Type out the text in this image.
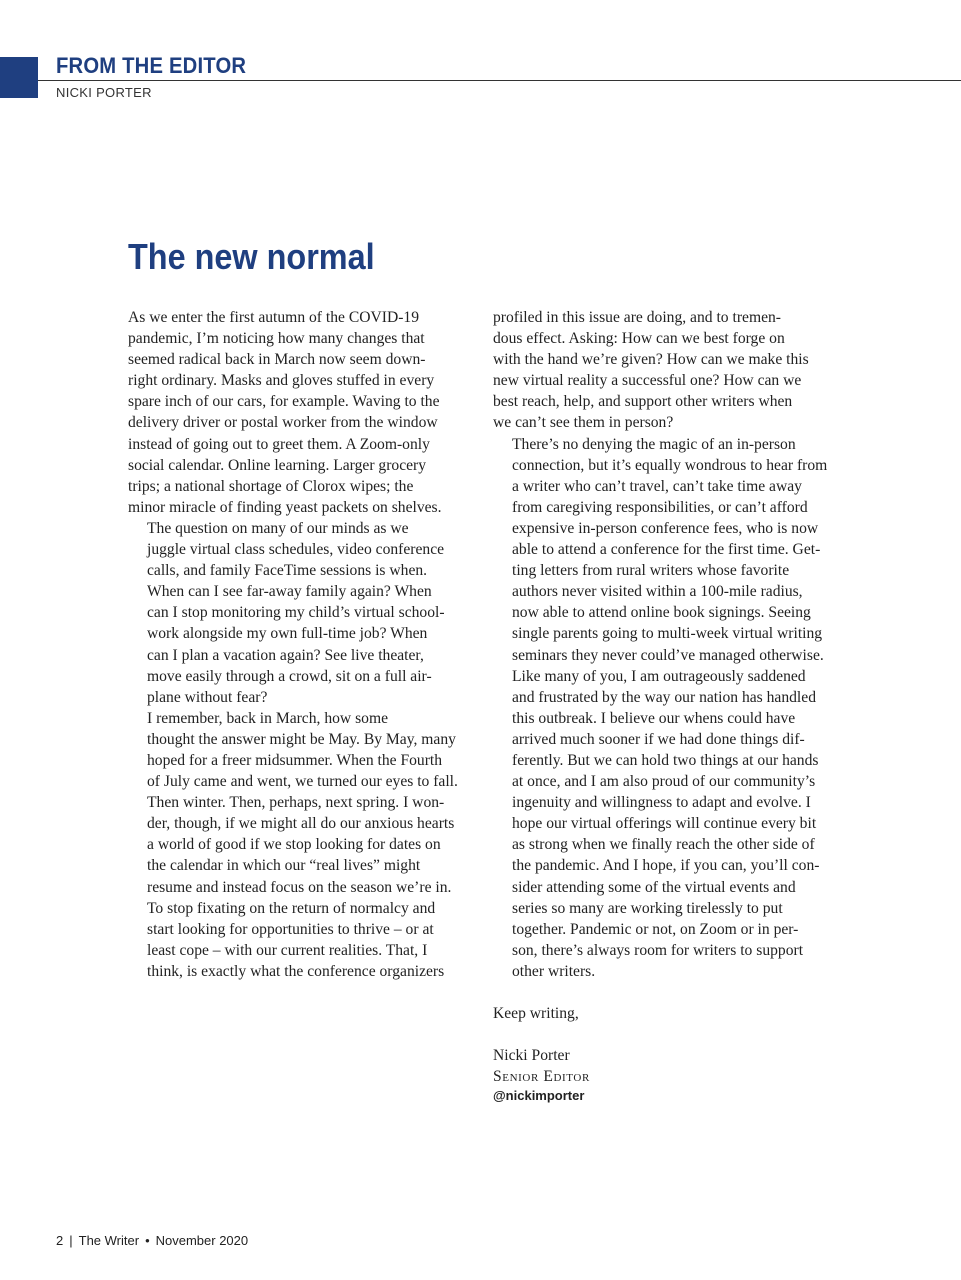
FROM THE EDITOR
NICKI PORTER
The new normal

As we enter the first autumn of the COVID-19
pandemic, I’m noticing how many changes that
seemed radical back in March now seem down-
right ordinary. Masks and gloves stuffed in every
spare inch of our cars, for example. Waving to the
delivery driver or postal worker from the window
instead of going out to greet them. A Zoom-only
social calendar. Online learning. Larger grocery
trips; a national shortage of Clorox wipes; the
minor miracle of finding yeast packets on shelves.

The question on many of our minds as we
juggle virtual class schedules, video conference
calls, and family FaceTime sessions is when.
When can I see far-away family again? When
can I stop monitoring my child’s virtual school-
work alongside my own full-time job? When
can I plan a vacation again? See live theater,
move easily through a crowd, sit on a full air-
plane without fear?

I remember, back in March, how some
thought the answer might be May. By May, many
hoped for a freer midsummer. When the Fourth
of July came and went, we turned our eyes to fall.
Then winter. Then, perhaps, next spring. I won-
der, though, if we might all do our anxious hearts
a world of good if we stop looking for dates on
the calendar in which our “real lives” might
resume and instead focus on the season we’re in.
To stop fixating on the return of normalcy and
start looking for opportunities to thrive – or at
least cope – with our current realities. That, I
think, is exactly what the conference organizers

profiled in this issue are doing, and to tremen-
dous effect. Asking: How can we best forge on
with the hand we’re given? How can we make this
new virtual reality a successful one? How can we
best reach, help, and support other writers when
we can’t see them in person?

There’s no denying the magic of an in-person
connection, but it’s equally wondrous to hear from
a writer who can’t travel, can’t take time away
from caregiving responsibilities, or can’t afford
expensive in-person conference fees, who is now
able to attend a conference for the first time. Get-
ting letters from rural writers whose favorite
authors never visited within a 100-mile radius,
now able to attend online book signings. Seeing
single parents going to multi-week virtual writing
seminars they never could’ve managed otherwise.

Like many of you, I am outrageously saddened
and frustrated by the way our nation has handled
this outbreak. I believe our whens could have
arrived much sooner if we had done things dif-
ferently. But we can hold two things at our hands
at once, and I am also proud of our community’s
ingenuity and willingness to adapt and evolve. I
hope our virtual offerings will continue every bit
as strong when we finally reach the other side of
the pandemic. And I hope, if you can, you’ll con-
sider attending some of the virtual events and
series so many are working tirelessly to put
together. Pandemic or not, on Zoom or in per-
son, there’s always room for writers to support
other writers.

Keep writing,

Nicki Porter

Senior Editor

@nickimporter

2 | The Writer • November 2020
